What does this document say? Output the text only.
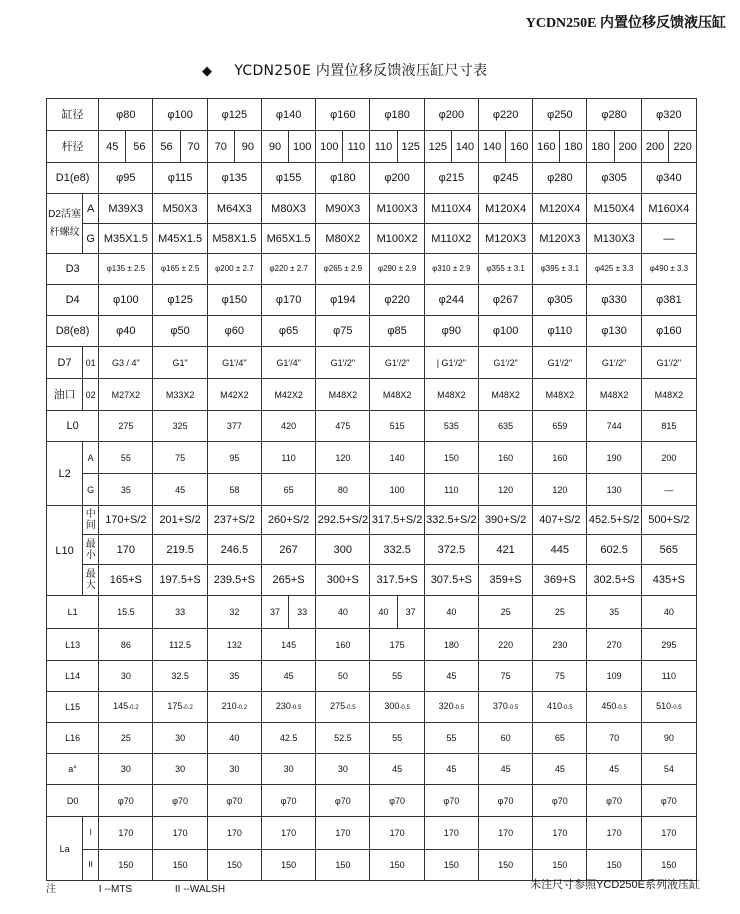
YCDN250E 内置位移反馈液压缸
◆ YCDN250E 内置位移反馈液压缸尺寸表
缸径		φ80	φ100	φ125	φ140	φ160	φ180	φ200	φ220	φ250	φ280	φ320
杆径		45 56	56 70	70 90	90 100	100 110	110 125	125 140	140 160	160 180	180 200	200 220

D1(e8)		φ95	φ115	φ135	φ155	φ180	φ200	φ215	φ245	φ280	φ305	φ340

D2活塞
杆螺纹	A	M39X3	M50X3	M64X3	M80X3	M90X3	M100X3	M110X4	M120X4	M120X4	M150X4	M160X4
	G	M35X1.5	M45X1.5	M58X1.5	M65X1.5	M80X2	M100X2	M110X2	M120X3	M120X3	M130X3	—
D3		φ135 ± 2.5	φ165 ± 2.5	φ200 ± 2.7	φ220 ± 2.7	φ265 ± 2.9	φ290 ± 2.9	φ310 ± 2.9	φ355 ± 3.1	φ395 ± 3.1	φ425 ± 3.3	φ490 ± 3.3
D4		φ100	φ125	φ150	φ170	φ194	φ220	φ244	φ267	φ305	φ330	φ381
D8(e8)		φ40	φ50	φ60	φ65	φ75	φ85	φ90	φ100	φ110	φ130	φ160
D7	01	G3 / 4"	G1"	G1′/4"	G1′/4"	G1′/2"	G1′/2"	| G1′/2"	G1′/2"	G1′/2"	G1′/2"	G1′/2"
油口	02	M27X2	M33X2	M42X2	M42X2	M48X2	M48X2	M48X2	M48X2	M48X2	M48X2	M48X2
L0		275	325	377	420	475	515	535	635	659	744	815
L2	A	55	75	95	110	120	140	150	160	160	190	200
	G	35	45	58	65	80	100	110	120	120	130	—
L10	中间	170+S/2	201+S/2	237+S/2	260+S/2	292.5+S/2	317.5+S/2	332.5+S/2	390+S/2	407+S/2	452.5+S/2	500+S/2
	最小	170	219.5	246.5	267	300	332.5	372.5	421	445	602.5	565
	最大	165+S	197.5+S	239.5+S	265+S	300+S	317.5+S	307.5+S	359+S	369+S	302.5+S	435+S
L1		15.5	33	32	37 33	40	40 37	40	25	25	35	40
L13		86	112.5	132	145	160	175	180	220	230	270	295
L14		30	32.5	35	45	50	55	45	75	75	109	110
L15		145-0.2	175-0.2	210-0.2	230-0.5	275-0.5	300-0.5	320-0.5	370-0.5	410-0.5	450-0.5	510-0.5
L16		25	30	40	42.5	52.5	55	55	60	65	70	90
a°		30	30	30	30	30	45	45	45	45	45	54
D0		φ70	φ70	φ70	φ70	φ70	φ70	φ70	φ70	φ70	φ70	φ70
La	I	170	170	170	170	170	170	170	170	170	170	170
	II	150	150	150	150	150	150	150	150	150	150	150
注	I --MTS	II --WALSH	未注尺寸参照YCD250E系列液压缸
